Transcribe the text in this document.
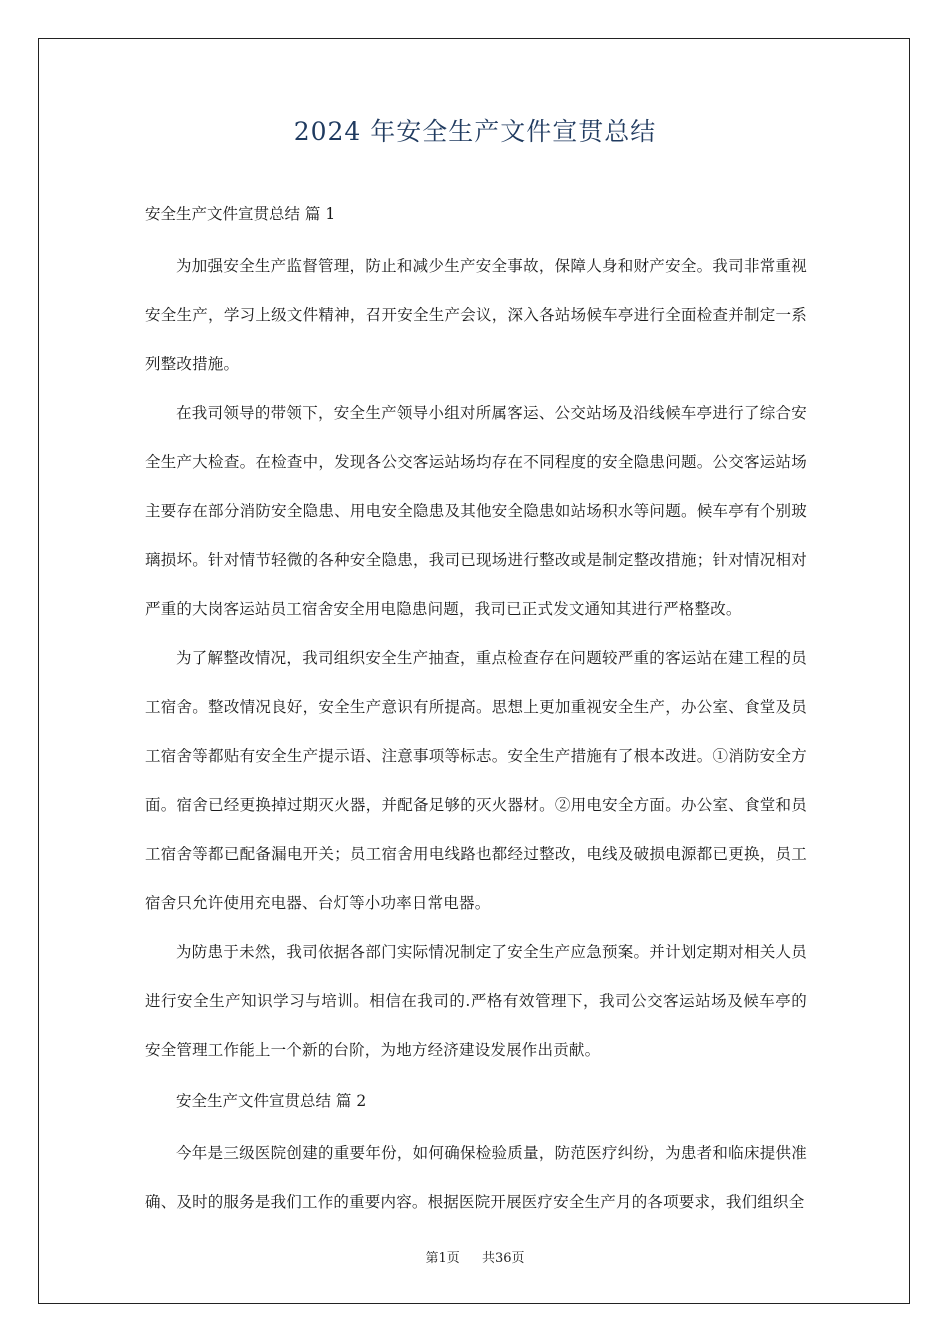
2024 年安全生产文件宣贯总结
安全生产文件宣贯总结 篇 1

为加强安全生产监督管理，防止和减少生产安全事故，保障人身和财产安全。我司非常重视安全生产，学习上级文件精神，召开安全生产会议，深入各站场候车亭进行全面检查并制定一系列整改措施。

在我司领导的带领下，安全生产领导小组对所属客运、公交站场及沿线候车亭进行了综合安全生产大检查。在检查中，发现各公交客运站场均存在不同程度的安全隐患问题。公交客运站场主要存在部分消防安全隐患、用电安全隐患及其他安全隐患如站场积水等问题。候车亭有个别玻璃损坏。针对情节轻微的各种安全隐患，我司已现场进行整改或是制定整改措施；针对情况相对严重的大岗客运站员工宿舍安全用电隐患问题，我司已正式发文通知其进行严格整改。

为了解整改情况，我司组织安全生产抽查，重点检查存在问题较严重的客运站在建工程的员工宿舍。整改情况良好，安全生产意识有所提高。思想上更加重视安全生产，办公室、食堂及员工宿舍等都贴有安全生产提示语、注意事项等标志。安全生产措施有了根本改进。①消防安全方面。宿舍已经更换掉过期灭火器，并配备足够的灭火器材。②用电安全方面。办公室、食堂和员工宿舍等都已配备漏电开关；员工宿舍用电线路也都经过整改，电线及破损电源都已更换，员工宿舍只允许使用充电器、台灯等小功率日常电器。

为防患于未然，我司依据各部门实际情况制定了安全生产应急预案。并计划定期对相关人员进行安全生产知识学习与培训。相信在我司的.严格有效管理下，我司公交客运站场及候车亭的安全管理工作能上一个新的台阶，为地方经济建设发展作出贡献。

安全生产文件宣贯总结 篇 2

今年是三级医院创建的重要年份，如何确保检验质量，防范医疗纠纷，为患者和临床提供准确、及时的服务是我们工作的重要内容。根据医院开展医疗安全生产月的各项要求，我们组织全

第1页 共36页
